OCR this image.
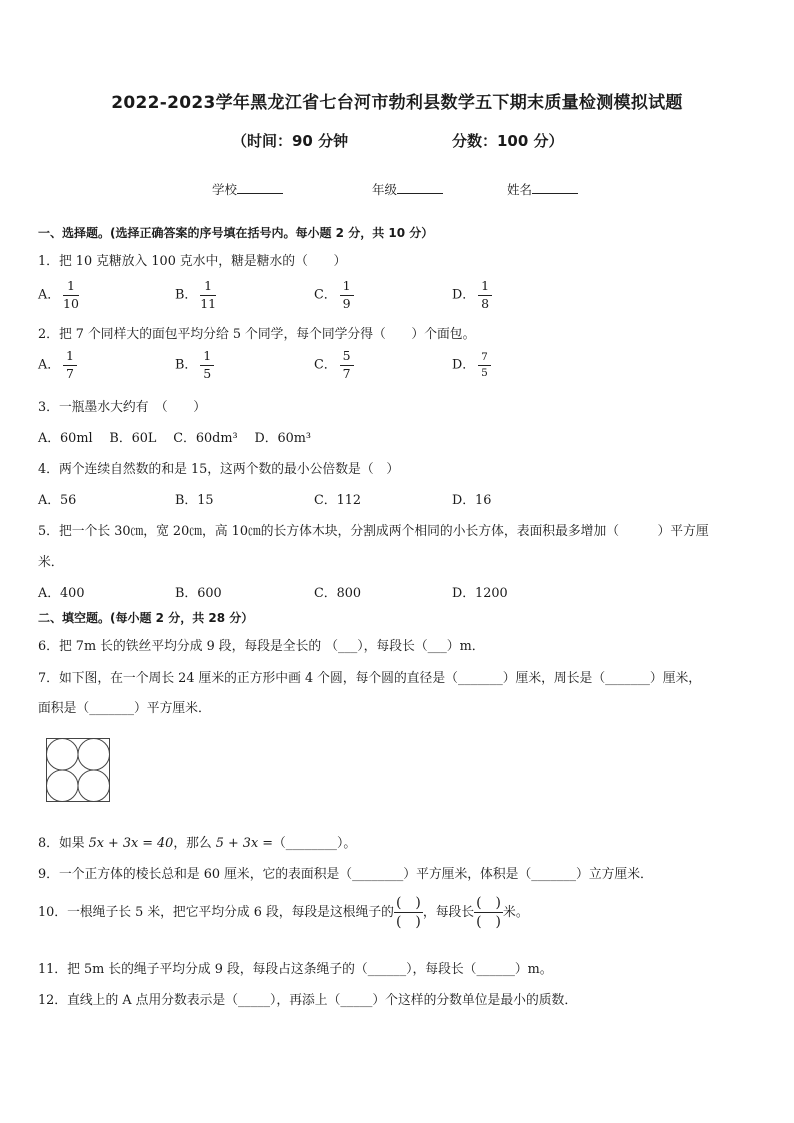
2022-2023学年黑龙江省七台河市勃利县数学五下期末质量检测模拟试题
（时间：90 分钟	分数：100 分）
学校	年级	姓名
一、选择题。(选择正确答案的序号填在括号内。每小题 2 分，共 10 分）
1．把 10 克糖放入 100 克水中，糖是糖水的（　　）
A． $\frac{1}{10}$	B． $\frac{1}{11}$	C． $\frac{1}{9}$	D． $\frac{1}{8}$
2．把 7 个同样大的面包平均分给 5 个同学，每个同学分得（　　）个面包。
A． $\frac{1}{7}$	B． $\frac{1}{5}$	C． $\frac{5}{7}$	D． $\frac{7}{5}$
3．一瓶墨水大约有　（　　）
A．60ml　 B．60L　 C．60dm³　 D．60m³
4．两个连续自然数的和是 15，这两个数的最小公倍数是（　）
A．56	B．15	C．112	D．16
5．把一个长 30㎝，宽 20㎝，高 10㎝的长方体木块，分割成两个相同的小长方体，表面积最多增加（　　　）平方厘
米．
A．400	B．600	C．800	D．1200
二、填空题。(每小题 2 分，共 28 分）
6．把 7m 长的铁丝平均分成 9 段，每段是全长的 （___），每段长（___）m．
7．如下图，在一个周长 24 厘米的正方形中画 4 个圆，每个圆的直径是（_______）厘米，周长是（_______）厘米，
面积是（_______）平方厘米．
8．如果 5x + 3x = 40，那么 5 + 3x =（________）。
9．一个正方体的棱长总和是 60 厘米，它的表面积是（________）平方厘米，体积是（_______）立方厘米．
10．一根绳子长 5 米，把它平均分成 6 段，每段是这根绳子的 $\frac{( )}{( )}$ ，每段长 $\frac{( )}{( )}$ 米。
11．把 5m 长的绳子平均分成 9 段，每段占这条绳子的（______），每段长（______）m。
12．直线上的 A 点用分数表示是（_____），再添上（_____）个这样的分数单位是最小的质数．
